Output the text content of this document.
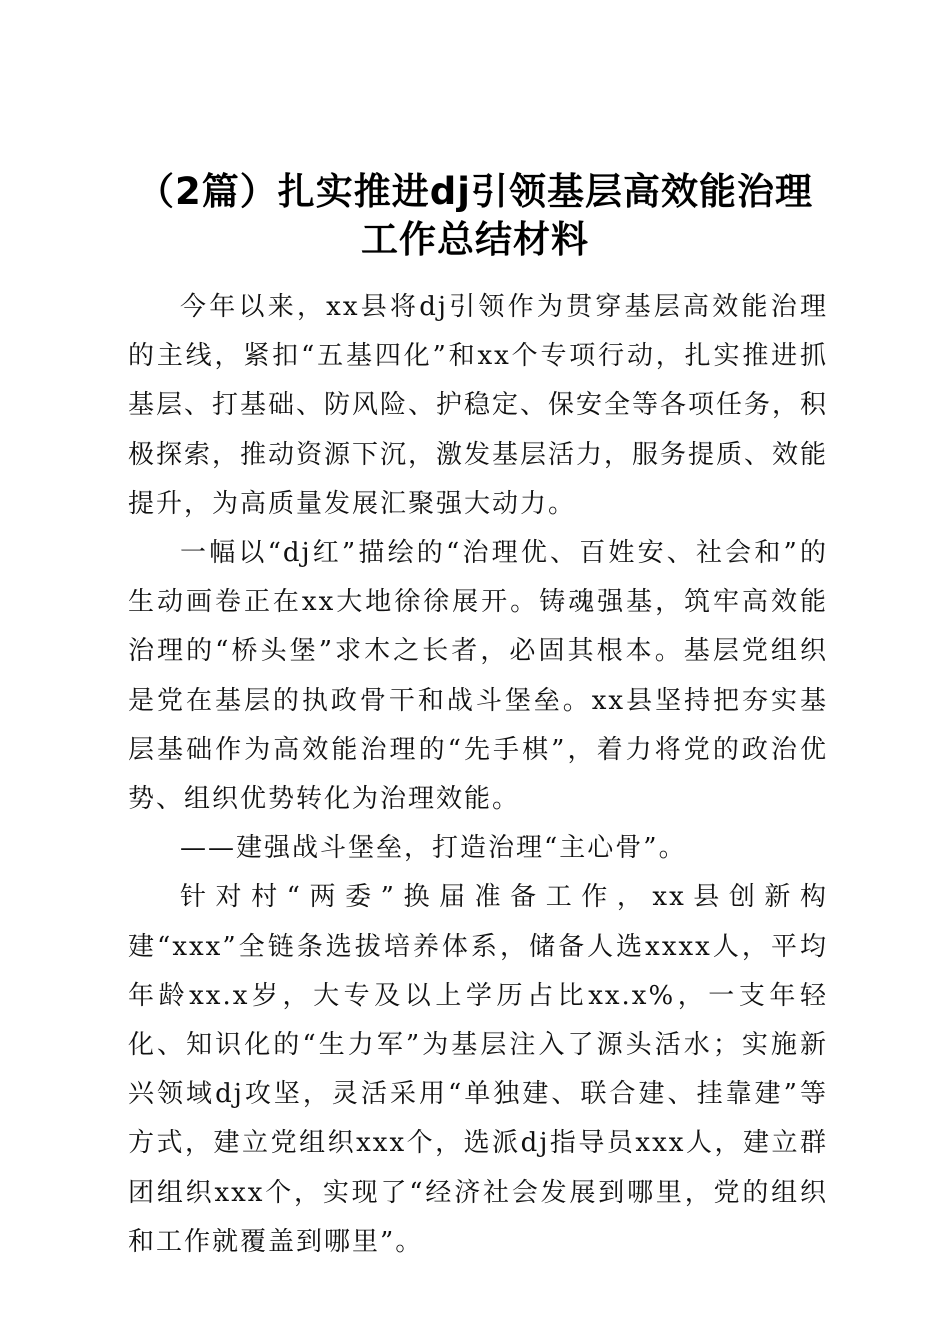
（2篇）扎实推进dj引领基层高效能治理
工作总结材料

今年以来，xx县将dj引领作为贯穿基层高效能治理的主线，紧扣“五基四化”和xx个专项行动，扎实推进抓基层、打基础、防风险、护稳定、保安全等各项任务，积极探索，推动资源下沉，激发基层活力，服务提质、效能提升，为高质量发展汇聚强大动力。

一幅以“dj红”描绘的“治理优、百姓安、社会和”的生动画卷正在xx大地徐徐展开。铸魂强基，筑牢高效能治理的“桥头堡”求木之长者，必固其根本。基层党组织是党在基层的执政骨干和战斗堡垒。xx县坚持把夯实基层基础作为高效能治理的“先手棋”，着力将党的政治优势、组织优势转化为治理效能。

——建强战斗堡垒，打造治理“主心骨”。

针对村“两委”换届准备工作，xx县创新构建“xxx”全链条选拔培养体系，储备人选xxxx人，平均年龄xx.x岁，大专及以上学历占比xx.x%，一支年轻化、知识化的“生力军”为基层注入了源头活水；实施新兴领域dj攻坚，灵活采用“单独建、联合建、挂靠建”等方式，建立党组织xxx个，选派dj指导员xxx人，建立群团组织xxx个，实现了“经济社会发展到哪里，党的组织和工作就覆盖到哪里”。
